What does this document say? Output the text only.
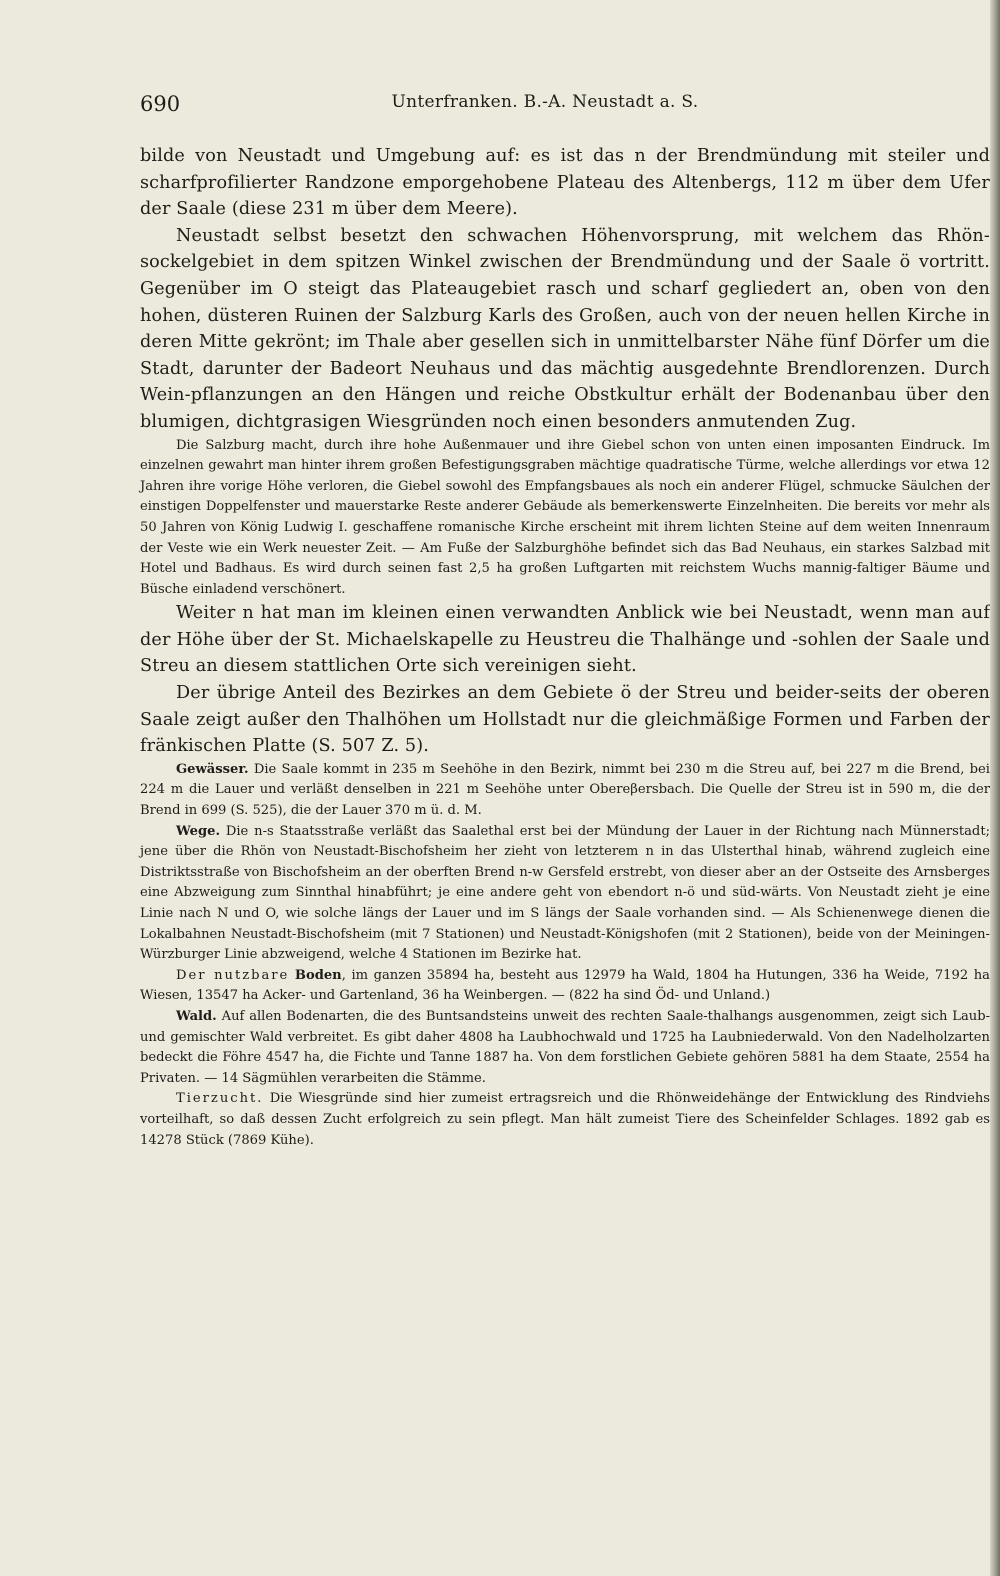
690	Unterfranken. B.-A. Neustadt a. S.

bilde von Neustadt und Umgebung auf: es ist das n der Brendmündung mit steiler und scharfprofilierter Randzone emporgehobene Plateau des Altenbergs, 112 m über dem Ufer der Saale (diese 231 m über dem Meere).

Neustadt selbst besetzt den schwachen Höhenvorsprung, mit welchem das Rhön-sockelgebiet in dem spitzen Winkel zwischen der Brendmündung und der Saale ö vortritt. Gegenüber im O steigt das Plateaugebiet rasch und scharf gegliedert an, oben von den hohen, düsteren Ruinen der Salzburg Karls des Großen, auch von der neuen hellen Kirche in deren Mitte gekrönt; im Thale aber gesellen sich in unmittelbarster Nähe fünf Dörfer um die Stadt, darunter der Badeort Neuhaus und das mächtig ausgedehnte Brendlorenzen. Durch Wein-pflanzungen an den Hängen und reiche Obstkultur erhält der Bodenanbau über den blumigen, dichtgrasigen Wiesgründen noch einen besonders anmutenden Zug.

Die Salzburg macht, durch ihre hohe Außenmauer und ihre Giebel schon von unten einen imposanten Eindruck. Im einzelnen gewahrt man hinter ihrem großen Befestigungsgraben mächtige quadratische Türme, welche allerdings vor etwa 12 Jahren ihre vorige Höhe verloren, die Giebel sowohl des Empfangsbaues als noch ein anderer Flügel, schmucke Säulchen der einstigen Doppelfenster und mauerstarke Reste anderer Gebäude als bemerkenswerte Einzelnheiten. Die bereits vor mehr als 50 Jahren von König Ludwig I. geschaffene romanische Kirche erscheint mit ihrem lichten Steine auf dem weiten Innenraum der Veste wie ein Werk neuester Zeit. — Am Fuße der Salzburghöhe befindet sich das Bad Neuhaus, ein starkes Salzbad mit Hotel und Badhaus. Es wird durch seinen fast 2,5 ha großen Luftgarten mit reichstem Wuchs mannig-faltiger Bäume und Büsche einladend verschönert.

Weiter n hat man im kleinen einen verwandten Anblick wie bei Neustadt, wenn man auf der Höhe über der St. Michaelskapelle zu Heustreu die Thalhänge und -sohlen der Saale und Streu an diesem stattlichen Orte sich vereinigen sieht.

Der übrige Anteil des Bezirkes an dem Gebiete ö der Streu und beider-seits der oberen Saale zeigt außer den Thalhöhen um Hollstadt nur die gleichmäßige Formen und Farben der fränkischen Platte (S. 507 Z. 5).

Gewässer. Die Saale kommt in 235 m Seehöhe in den Bezirk, nimmt bei 230 m die Streu auf, bei 227 m die Brend, bei 224 m die Lauer und verläßt denselben in 221 m Seehöhe unter Obereβersbach. Die Quelle der Streu ist in 590 m, die der Brend in 699 (S. 525), die der Lauer 370 m ü. d. M.

Wege. Die n-s Staatsstraße verläßt das Saalethal erst bei der Mündung der Lauer in der Richtung nach Münnerstadt; jene über die Rhön von Neustadt-Bischofsheim her zieht von letzterem n in das Ulsterthal hinab, während zugleich eine Distriktsstraße von Bischofsheim an der oberften Brend n-w Gersfeld erstrebt, von dieser aber an der Ostseite des Arnsberges eine Abzweigung zum Sinnthal hinabführt; je eine andere geht von ebendort n-ö und süd-wärts. Von Neustadt zieht je eine Linie nach N und O, wie solche längs der Lauer und im S längs der Saale vorhanden sind. — Als Schienenwege dienen die Lokalbahnen Neustadt-Bischofsheim (mit 7 Stationen) und Neustadt-Königshofen (mit 2 Stationen), beide von der Meiningen-Würzburger Linie abzweigend, welche 4 Stationen im Bezirke hat.

Der nutzbare Boden, im ganzen 35894 ha, besteht aus 12979 ha Wald, 1804 ha Hutungen, 336 ha Weide, 7192 ha Wiesen, 13547 ha Acker- und Gartenland, 36 ha Weinbergen. — (822 ha sind Öd- und Unland.)

Wald. Auf allen Bodenarten, die des Buntsandsteins unweit des rechten Saale-thalhangs ausgenommen, zeigt sich Laub- und gemischter Wald verbreitet. Es gibt daher 4808 ha Laubhochwald und 1725 ha Laubniederwald. Von den Nadelholzarten bedeckt die Föhre 4547 ha, die Fichte und Tanne 1887 ha. Von dem forstlichen Gebiete gehören 5881 ha dem Staate, 2554 ha Privaten. — 14 Sägmühlen verarbeiten die Stämme.

Tierzucht. Die Wiesgründe sind hier zumeist ertragsreich und die Rhönweidehänge der Entwicklung des Rindviehs vorteilhaft, so daß dessen Zucht erfolgreich zu sein pflegt. Man hält zumeist Tiere des Scheinfelder Schlages. 1892 gab es 14278 Stück (7869 Kühe).
